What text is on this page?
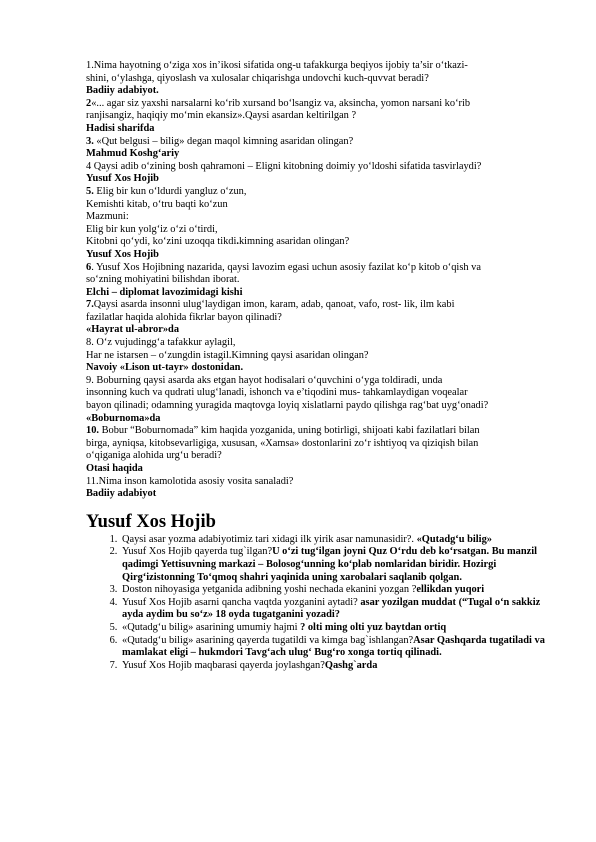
1.Nima hayotning o‘ziga xos in’ikosi sifatida ong-u tafakkurga beqiyos ijobiy ta’sir o‘tkazi-

shini, o‘ylashga, qiyoslash va xulosalar chiqarishga undovchi kuch-quvvat beradi?

Badiiy adabiyot.

2«... agar siz yaxshi narsalarni ko‘rib xursand bo‘lsangiz va, aksincha, yomon narsani ko‘rib

ranjisangiz, haqiqiy mo‘min ekansiz».Qaysi asardan keltirilgan ?

Hadisi sharifda

3. «Qut belgusi – bilig» degan maqol kimning asaridan olingan?

Mahmud Koshg‘ariy

4 Qaysi adib o‘zining bosh qahramoni – Eligni kitobning doimiy yo‘ldoshi sifatida tasvirlaydi?

Yusuf Xos Hojib

5. Elig bir kun o‘ldurdi yangluz o‘zun,

Kemishti kitab, o‘tru baqti ko‘zun

Mazmuni:

Elig bir kun yolg‘iz o‘zi o‘tirdi,

Kitobni qo‘ydi, ko‘zini uzoqqa tikdi.kimning asaridan olingan?

Yusuf Xos Hojib

6. Yusuf Xos Hojibning nazarida, qaysi lavozim egasi uchun asosiy fazilat ko‘p kitob o‘qish va

so‘zning mohiyatini bilishdan iborat.

Elchi – diplomat lavozimidagi kishi

7.Qaysi asarda insonni ulug‘laydigan imon, karam, adab, qanoat, vafo, rost- lik, ilm kabi

fazilatlar haqida alohida fikrlar bayon qilinadi?

«Hayrat ul-abror»da

8. O‘z vujudingg‘a tafakkur aylagil,

Har ne istarsen – o‘zungdin istagil.Kimning qaysi asaridan olingan?

Navoiy «Lison ut-tayr» dostonidan.

9. Boburning qaysi asarda aks etgan hayot hodisalari o‘quvchini o‘yga toldiradi, unda

insonning kuch va qudrati ulug‘lanadi, ishonch va e’tiqodini mus- tahkamlaydigan voqealar

bayon qilinadi; odamning yuragida maqtovga loyiq xislatlarni paydo qilishga rag‘bat uyg‘onadi?

«Boburnoma»da

10. Bobur “Boburnomada” kim haqida yozganida, uning botirligi, shijoati kabi fazilatlari bilan

birga, ayniqsa, kitobsevarligiga, xususan, «Xamsa» dostonlarini zo‘r ishtiyoq va qiziqish bilan

o‘qiganiga alohida urg‘u beradi?

Otasi haqida

11.Nima inson kamolotida asosiy vosita sanaladi?

Badiiy adabiyot

Yusuf Xos Hojib
1. Qaysi asar yozma adabiyotimiz tari xidagi ilk yirik asar namunasidir?. «Qutadg‘u bilig»
2. Yusuf Xos Hojib qayerda tug`ilgan?U o‘zi tug‘ilgan joyni Quz O‘rdu deb ko‘rsatgan. Bu manzil qadimgi Yettisuvning markazi – Bolosog‘unning ko‘plab nomlaridan biridir. Hozirgi Qirg‘izistonning To‘qmoq shahri yaqinida uning xarobalari saqlanib qolgan.
3. Doston nihoyasiga yetganida adibning yoshi nechada ekanini yozgan ?ellikdan yuqori
4. Yusuf Xos Hojib asarni qancha vaqtda yozganini aytadi? asar yozilgan muddat (“Tugal o‘n sakkiz ayda aydim bu so‘z» 18 oyda tugatganini yozadi?
5. «Qutadg‘u bilig» asarining umumiy hajmi ? olti ming olti yuz baytdan ortiq
6. «Qutadg‘u bilig» asarining qayerda tugatildi va kimga bag`ishlangan?Asar Qashqarda tugatiladi va mamlakat eligi – hukmdori Tavg‘ach ulug‘ Bug‘ro xonga tortiq qilinadi.
7. Yusuf Xos Hojib maqbarasi qayerda joylashgan?Qashg`arda
